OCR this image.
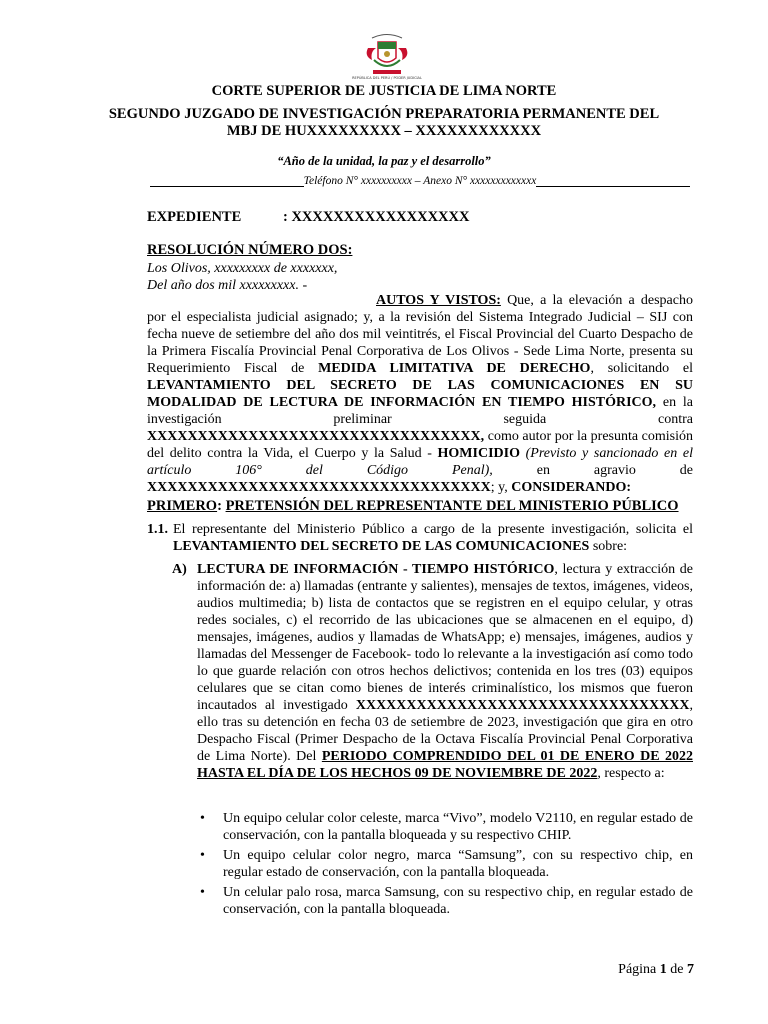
REPÚBLICA DEL PERÚ / PODER JUDICIAL
CORTE SUPERIOR DE JUSTICIA DE LIMA NORTE
SEGUNDO JUZGADO DE INVESTIGACIÓN PREPARATORIA PERMANENTE DEL
MBJ DE HUXXXXXXXXX – XXXXXXXXXXXX
“Año de la unidad, la paz y el desarrollo”
Teléfono N° xxxxxxxxxx – Anexo N° xxxxxxxxxxxxx
EXPEDIENTE	: XXXXXXXXXXXXXXXXX
RESOLUCIÓN NÚMERO DOS:
Los Olivos, xxxxxxxxx de xxxxxxx,
Del año dos mil xxxxxxxxx. -
AUTOS Y VISTOS: Que, a la elevación a despacho por el especialista judicial asignado; y, a la revisión del Sistema Integrado Judicial – SIJ con fecha nueve de setiembre del año dos mil veintitrés, el Fiscal Provincial del Cuarto Despacho de la Primera Fiscalía Provincial Penal Corporativa de Los Olivos - Sede Lima Norte, presenta su Requerimiento Fiscal de MEDIDA LIMITATIVA DE DERECHO, solicitando el LEVANTAMIENTO DEL SECRETO DE LAS COMUNICACIONES EN SU MODALIDAD DE LECTURA DE INFORMACIÓN EN TIEMPO HISTÓRICO, en la investigación preliminar seguida contra XXXXXXXXXXXXXXXXXXXXXXXXXXXXXXXXX, como autor por la presunta comisión del delito contra la Vida, el Cuerpo y la Salud - HOMICIDIO (Previsto y sancionado en el artículo 106° del Código Penal), en agravio de XXXXXXXXXXXXXXXXXXXXXXXXXXXXXXXXXX; y, CONSIDERANDO:
PRIMERO: PRETENSIÓN DEL REPRESENTANTE DEL MINISTERIO PÚBLICO
1.1. El representante del Ministerio Público a cargo de la presente investigación, solicita el LEVANTAMIENTO DEL SECRETO DE LAS COMUNICACIONES sobre:
A) LECTURA DE INFORMACIÓN - TIEMPO HISTÓRICO, lectura y extracción de información de: a) llamadas (entrante y salientes), mensajes de textos, imágenes, videos, audios multimedia; b) lista de contactos que se registren en el equipo celular, y otras redes sociales, c) el recorrido de las ubicaciones que se almacenen en el equipo, d) mensajes, imágenes, audios y llamadas de WhatsApp; e) mensajes, imágenes, audios y llamadas del Messenger de Facebook- todo lo relevante a la investigación así como todo lo que guarde relación con otros hechos delictivos; contenida en los tres (03) equipos celulares que se citan como bienes de interés criminalístico, los mismos que fueron incautados al investigado XXXXXXXXXXXXXXXXXXXXXXXXXXXXXXXXX, ello tras su detención en fecha 03 de setiembre de 2023, investigación que gira en otro Despacho Fiscal (Primer Despacho de la Octava Fiscalía Provincial Penal Corporativa de Lima Norte). Del PERIODO COMPRENDIDO DEL 01 DE ENERO DE 2022 HASTA EL DÍA DE LOS HECHOS 09 DE NOVIEMBRE DE 2022, respecto a:
• Un equipo celular color celeste, marca “Vivo”, modelo V2110, en regular estado de conservación, con la pantalla bloqueada y su respectivo CHIP.
• Un equipo celular color negro, marca “Samsung”, con su respectivo chip, en regular estado de conservación, con la pantalla bloqueada.
• Un celular palo rosa, marca Samsung, con su respectivo chip, en regular estado de conservación, con la pantalla bloqueada.
Página 1 de 7
